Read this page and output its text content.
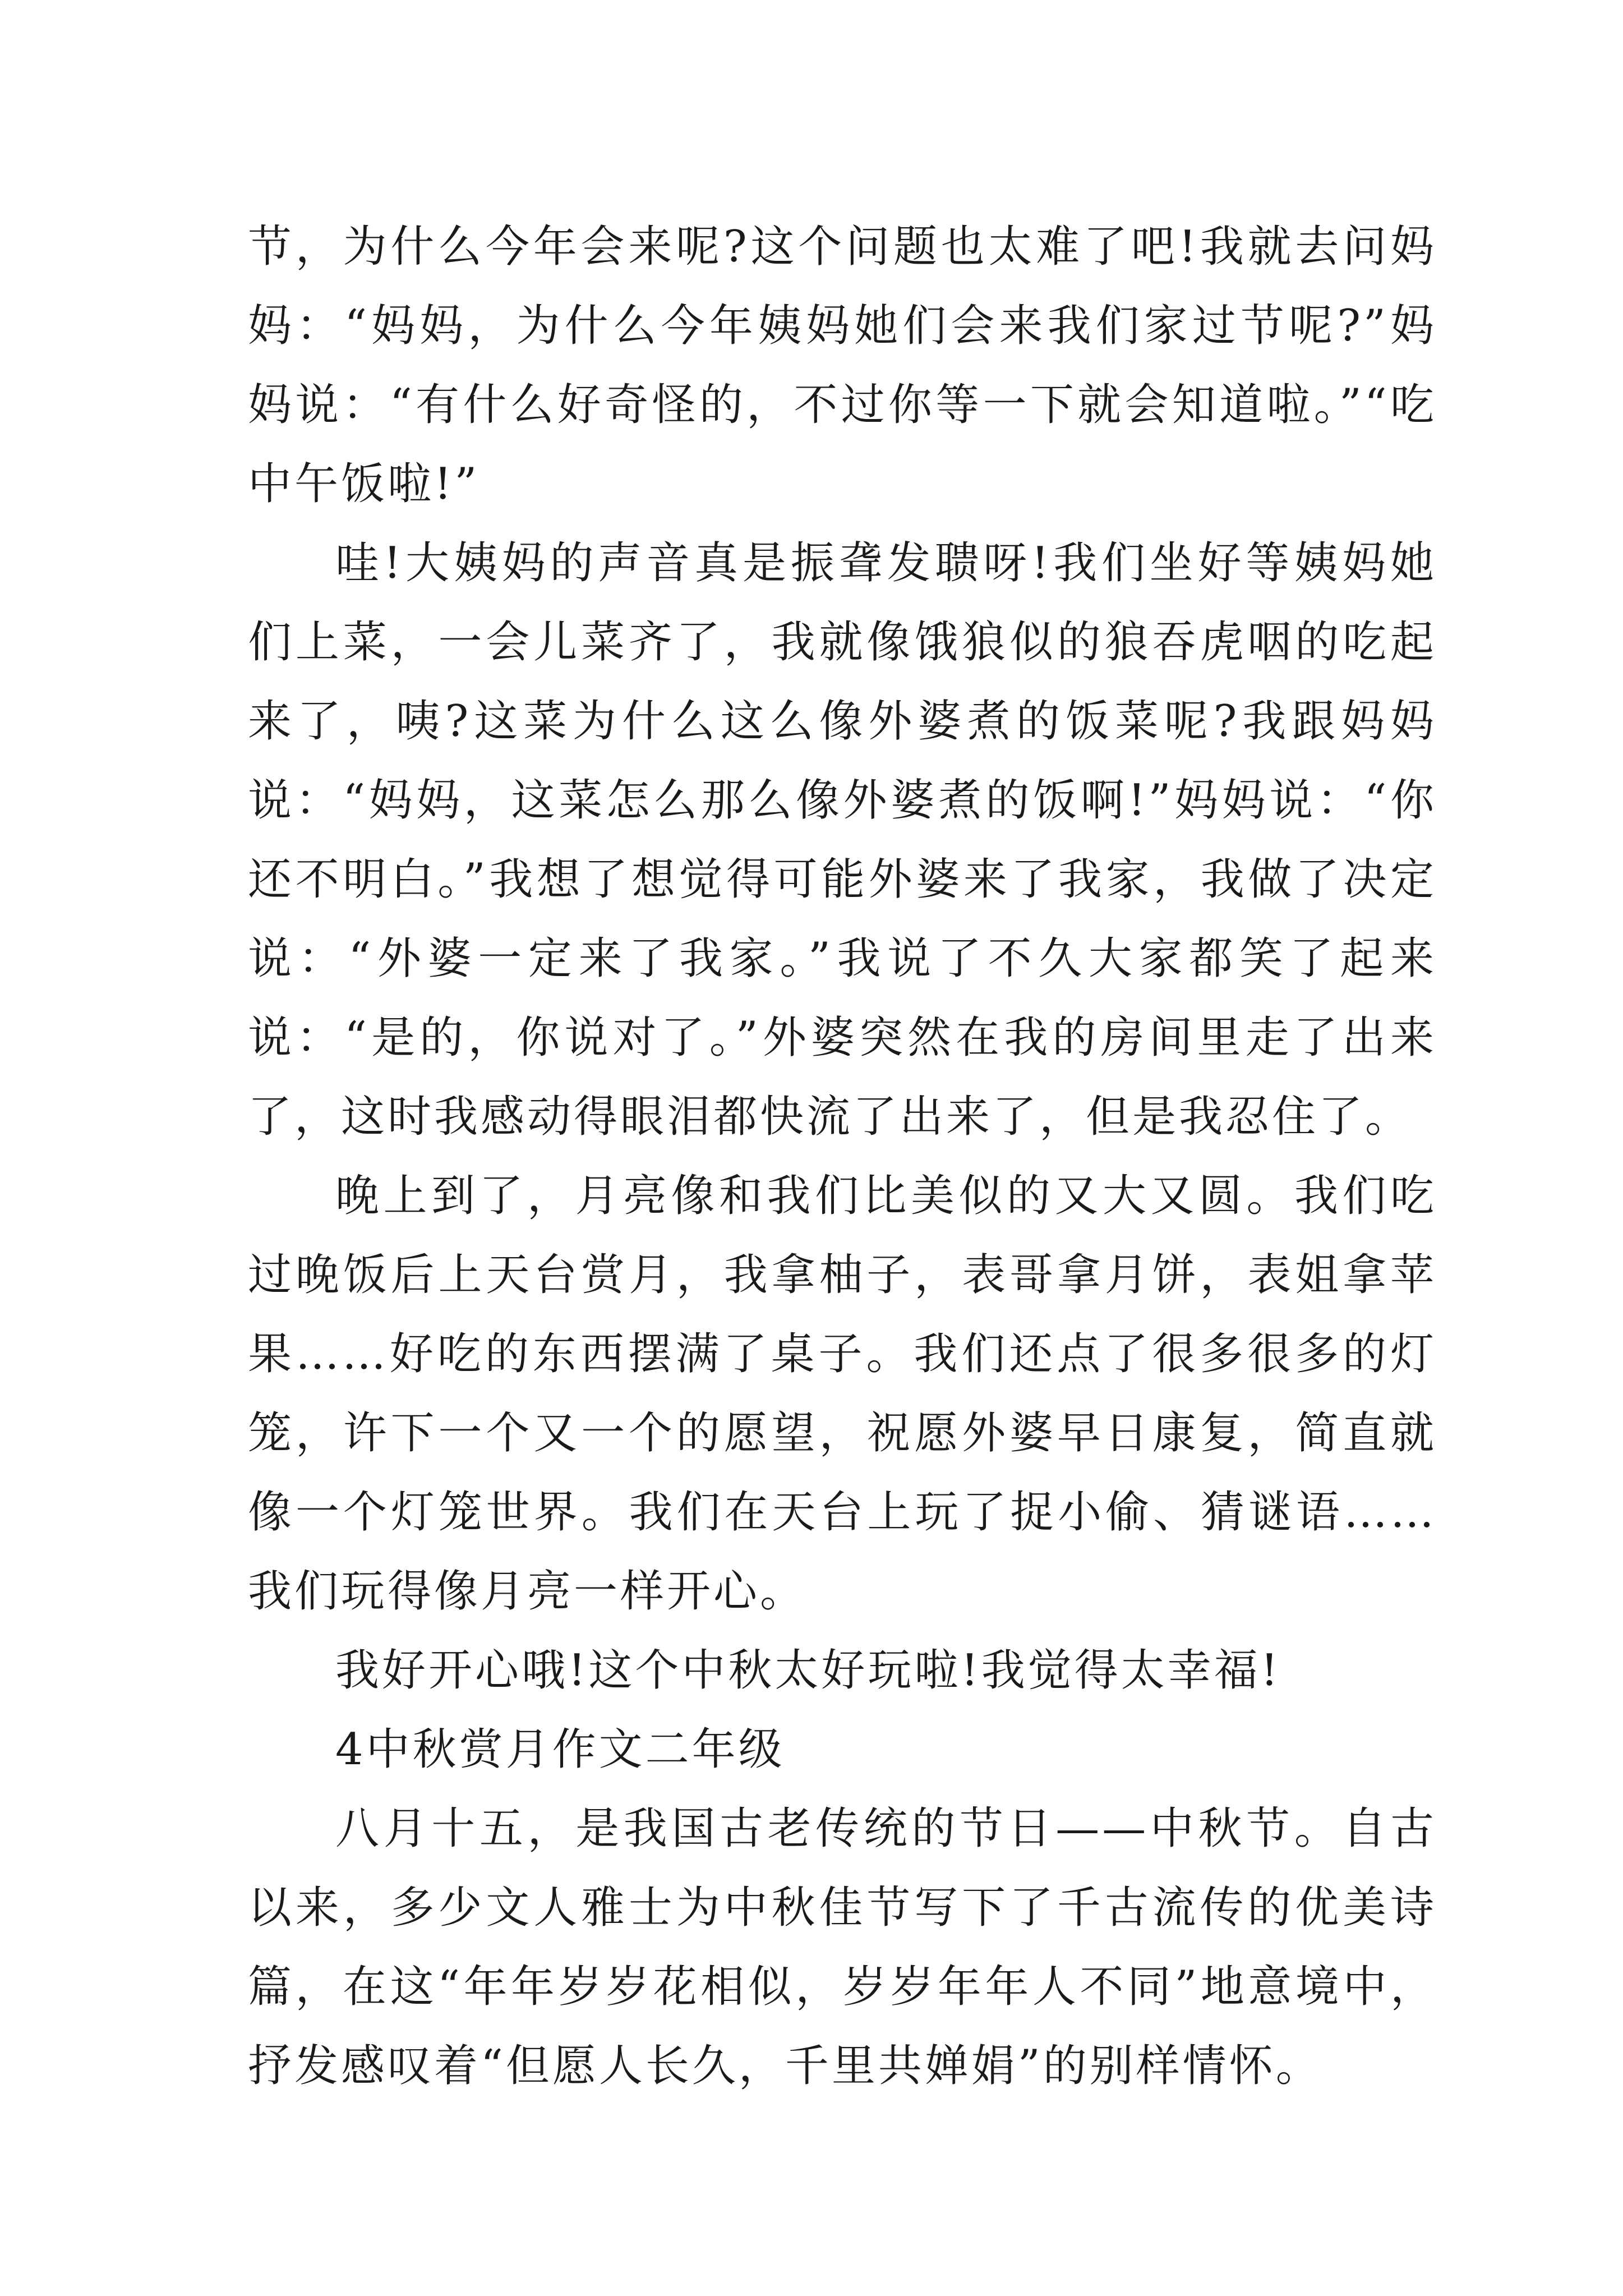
节，为什么今年会来呢?这个问题也太难了吧!我就去问妈妈：“妈妈，为什么今年姨妈她们会来我们家过节呢?”妈妈说：“有什么好奇怪的，不过你等一下就会知道啦。”“吃中午饭啦!”

哇!大姨妈的声音真是振聋发聩呀!我们坐好等姨妈她们上菜，一会儿菜齐了，我就像饿狼似的狼吞虎咽的吃起来了，咦?这菜为什么这么像外婆煮的饭菜呢?我跟妈妈说：“妈妈，这菜怎么那么像外婆煮的饭啊!”妈妈说：“你还不明白。”我想了想觉得可能外婆来了我家，我做了决定说：“外婆一定来了我家。”我说了不久大家都笑了起来说：“是的，你说对了。”外婆突然在我的房间里走了出来了，这时我感动得眼泪都快流了出来了，但是我忍住了。

晚上到了，月亮像和我们比美似的又大又圆。我们吃过晚饭后上天台赏月，我拿柚子，表哥拿月饼，表姐拿苹果……好吃的东西摆满了桌子。我们还点了很多很多的灯笼，许下一个又一个的愿望，祝愿外婆早日康复，简直就像一个灯笼世界。我们在天台上玩了捉小偷、猜谜语……我们玩得像月亮一样开心。

我好开心哦!这个中秋太好玩啦!我觉得太幸福!

4中秋赏月作文二年级

八月十五，是我国古老传统的节日——中秋节。自古以来，多少文人雅士为中秋佳节写下了千古流传的优美诗篇，在这“年年岁岁花相似，岁岁年年人不同”地意境中，抒发感叹着“但愿人长久，千里共婵娟”的别样情怀。
